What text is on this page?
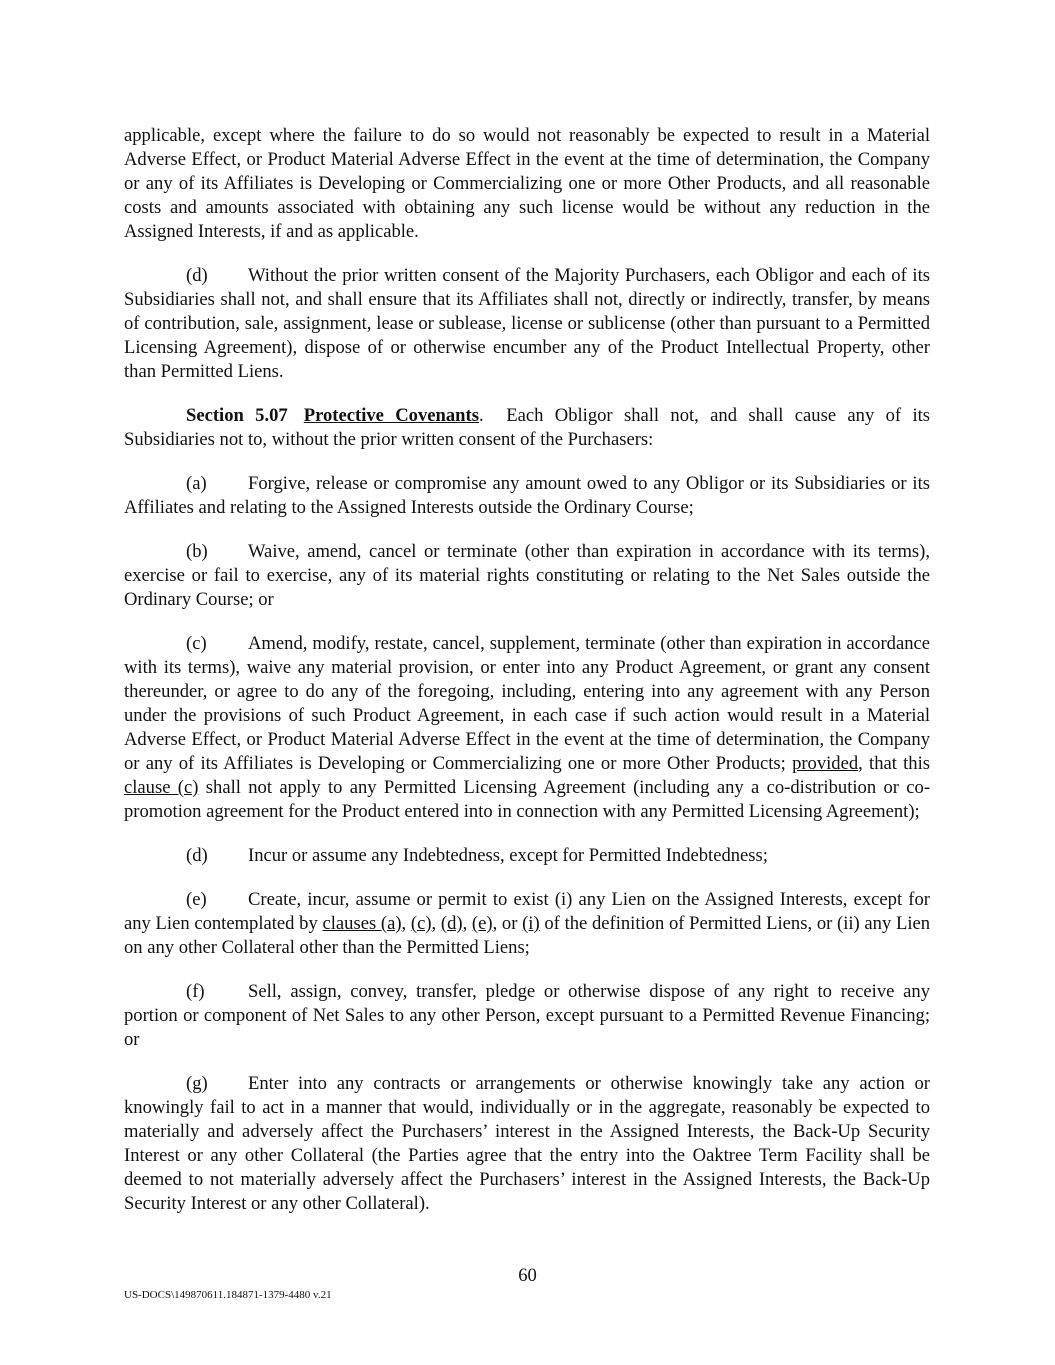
applicable, except where the failure to do so would not reasonably be expected to result in a Material Adverse Effect, or Product Material Adverse Effect in the event at the time of determination, the Company or any of its Affiliates is Developing or Commercializing one or more Other Products, and all reasonable costs and amounts associated with obtaining any such license would be without any reduction in the Assigned Interests, if and as applicable.

(d) Without the prior written consent of the Majority Purchasers, each Obligor and each of its Subsidiaries shall not, and shall ensure that its Affiliates shall not, directly or indirectly, transfer, by means of contribution, sale, assignment, lease or sublease, license or sublicense (other than pursuant to a Permitted Licensing Agreement), dispose of or otherwise encumber any of the Product Intellectual Property, other than Permitted Liens.

Section 5.07 Protective Covenants. Each Obligor shall not, and shall cause any of its Subsidiaries not to, without the prior written consent of the Purchasers:

(a) Forgive, release or compromise any amount owed to any Obligor or its Subsidiaries or its Affiliates and relating to the Assigned Interests outside the Ordinary Course;

(b) Waive, amend, cancel or terminate (other than expiration in accordance with its terms), exercise or fail to exercise, any of its material rights constituting or relating to the Net Sales outside the Ordinary Course; or

(c) Amend, modify, restate, cancel, supplement, terminate (other than expiration in accordance with its terms), waive any material provision, or enter into any Product Agreement, or grant any consent thereunder, or agree to do any of the foregoing, including, entering into any agreement with any Person under the provisions of such Product Agreement, in each case if such action would result in a Material Adverse Effect, or Product Material Adverse Effect in the event at the time of determination, the Company or any of its Affiliates is Developing or Commercializing one or more Other Products; provided, that this clause (c) shall not apply to any Permitted Licensing Agreement (including any a co-distribution or co-promotion agreement for the Product entered into in connection with any Permitted Licensing Agreement);

(d) Incur or assume any Indebtedness, except for Permitted Indebtedness;

(e) Create, incur, assume or permit to exist (i) any Lien on the Assigned Interests, except for any Lien contemplated by clauses (a), (c), (d), (e), or (i) of the definition of Permitted Liens, or (ii) any Lien on any other Collateral other than the Permitted Liens;

(f) Sell, assign, convey, transfer, pledge or otherwise dispose of any right to receive any portion or component of Net Sales to any other Person, except pursuant to a Permitted Revenue Financing; or

(g) Enter into any contracts or arrangements or otherwise knowingly take any action or knowingly fail to act in a manner that would, individually or in the aggregate, reasonably be expected to materially and adversely affect the Purchasers’ interest in the Assigned Interests, the Back-Up Security Interest or any other Collateral (the Parties agree that the entry into the Oaktree Term Facility shall be deemed to not materially adversely affect the Purchasers’ interest in the Assigned Interests, the Back-Up Security Interest or any other Collateral).

60
US-DOCS\149870611.184871-1379-4480 v.21
